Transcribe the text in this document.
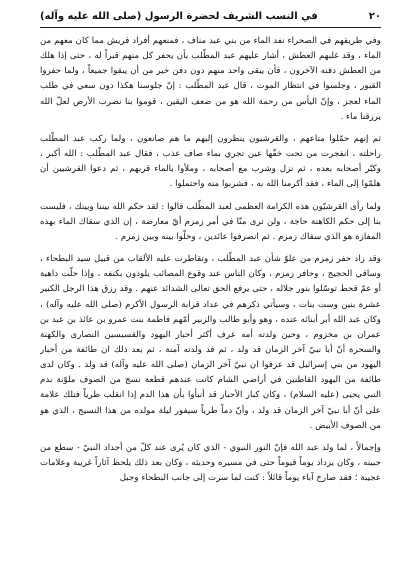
٢٠
في النسب الشريف لحضرة الرسول (صلى الله عليه وآله)

وفي طريقهم في الصحراء نفد الماء من بني عبد مناف ، فمنعهم أفراد قريش مما كان معهم من الماء ، وقد غلبهم العطش ، أشار عليهم عبد المطّلب بأن يحفر كل منهم قبراً له ، حتى إذا هلك من العطش دفنه الآخرون ، فأن يبقى واحد منهم دون دفن خير من أن يبقوا جميعاً ، ولما حفروا القبور ، وجلسوا في انتظار الموت ، قال عبد المطّلب : إنّ جلوسنا هكذا دون سعي في طلب الماء لعجز ، وإنّ اليأس من رحمة الله هو من ضعف اليقين ، قوموا بنا نضرب الأرض لعلّ الله يرزقنا ماء .

ثم إنهم حمّلوا متاعهم ، والقرشيون ينظرون إليهم ما هم صانعون ، ولما ركب عبد المطّلب راحلته ، انفجرت من تحت خفّها عين تجري بماء صاف عذب ، فقال عبد المطّلب : الله أكبر ، وكبّر أصحابه بعده ، ثم نزل وشرب مع أصحابه ، وملأوا بالماء قربهم ، ثم دعوا القرشيين أن هلمّوا إلى الماء ، فقد أكرمنا الله به ، فشربوا منه واحتملوا .

ولما رأى القرشيّون هذه الكرامة العظمى لعبد المطّلب قالوا : لقد حكم الله بيننا وبينك ، فليست بنا إلى حكم الكاهنة حاجة ، ولن ترى منّا في أمر زمزم أيّ معارضة ، إن الذي سقاك الماء بهذه المفازة هو الذي سقاك زمزم . ثم انصرفوا عائدين ، وخلّوا بينه وبين زمزم .

وقد زاد حفر زمزم من علوّ شأن عبد المطّلب ، وتقاطرت عليه الألقاب من قبيل سيد البطحاء ، وساقي الحجيج ، وحافر زمزم ، وكان الناس عند وقوع المصائب يلوذون بكنفه ، وإذا حلّت داهية أو عمّ قحط توسّلوا بنور جلاله ، حتى يرفع الحق تعالى الشدائد عنهم . وقد رزق هذا الرجل الكبير عشرة بنين وست بنات ، وسيأتي ذكرهم في عداد قرابة الرسول الأكرم (صلى الله عليه وآله) ، وكان عبد الله أبر أبنائه عنده ، وهو وأبو طالب والزبير أمّهم فاطمة بنت عمرو بن عائذ بن عبد بن عمران بن مخزوم ، وحين ولدته أمه عرف أكثر أحبار اليهود والقسيسين النصارى والكهنة والسحرة أنّ أبا نبيّ آخر الزمان قد ولد ، ثم قد ولدته آمنة ، ثم بعد ذلك ان طائفة من أحبار اليهود من بني إسرائيل قد عرفوا ان نبيّ آخر الزمان (صلى الله عليه وآله) قد ولد . وكان لدى طائفة من اليهود القاطنين في أراضي الشام كانت عندهم قطعة نسج من الصوف ملوّنة بدم النبي يحيى (عليه السلام) ، وكان كبار الأحبار قد أنبأوا بأن هذا الدم إذا انقلب طرياً فتلك علامة على أنّ أبا نبيّ آخر الزمان قد ولد ، وأنّ دماً طرياً سيفور ليلة مولده من هذا النسيج ، الذي هو من الصوف الأبيض .

وإجمالاً ، لما ولد عبد الله فإنّ النور النبوي - الذي كان يُرى عند كلّ من أجداد النبيّ - سطع من جبينه ، وكان يزداد يوماً فيوماً حتى في مسيره وحديثه ، وكان بعد ذلك يلحظ آثاراً غريبة وعلامات عجيبة ؛ فقد صارخ آباء يوماً قائلاً : كنت لما سرت إلى جانب البطحاء وجبل
